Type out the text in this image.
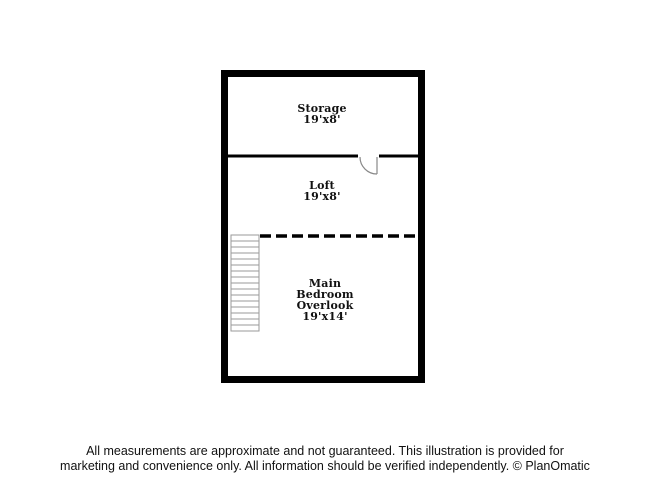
Storage
19'x8'
Loft
19'x8'
Main
Bedroom
Overlook
19'x14'
All measurements are approximate and not guaranteed. This illustration is provided for
marketing and convenience only. All information should be verified independently. © PlanOmatic
